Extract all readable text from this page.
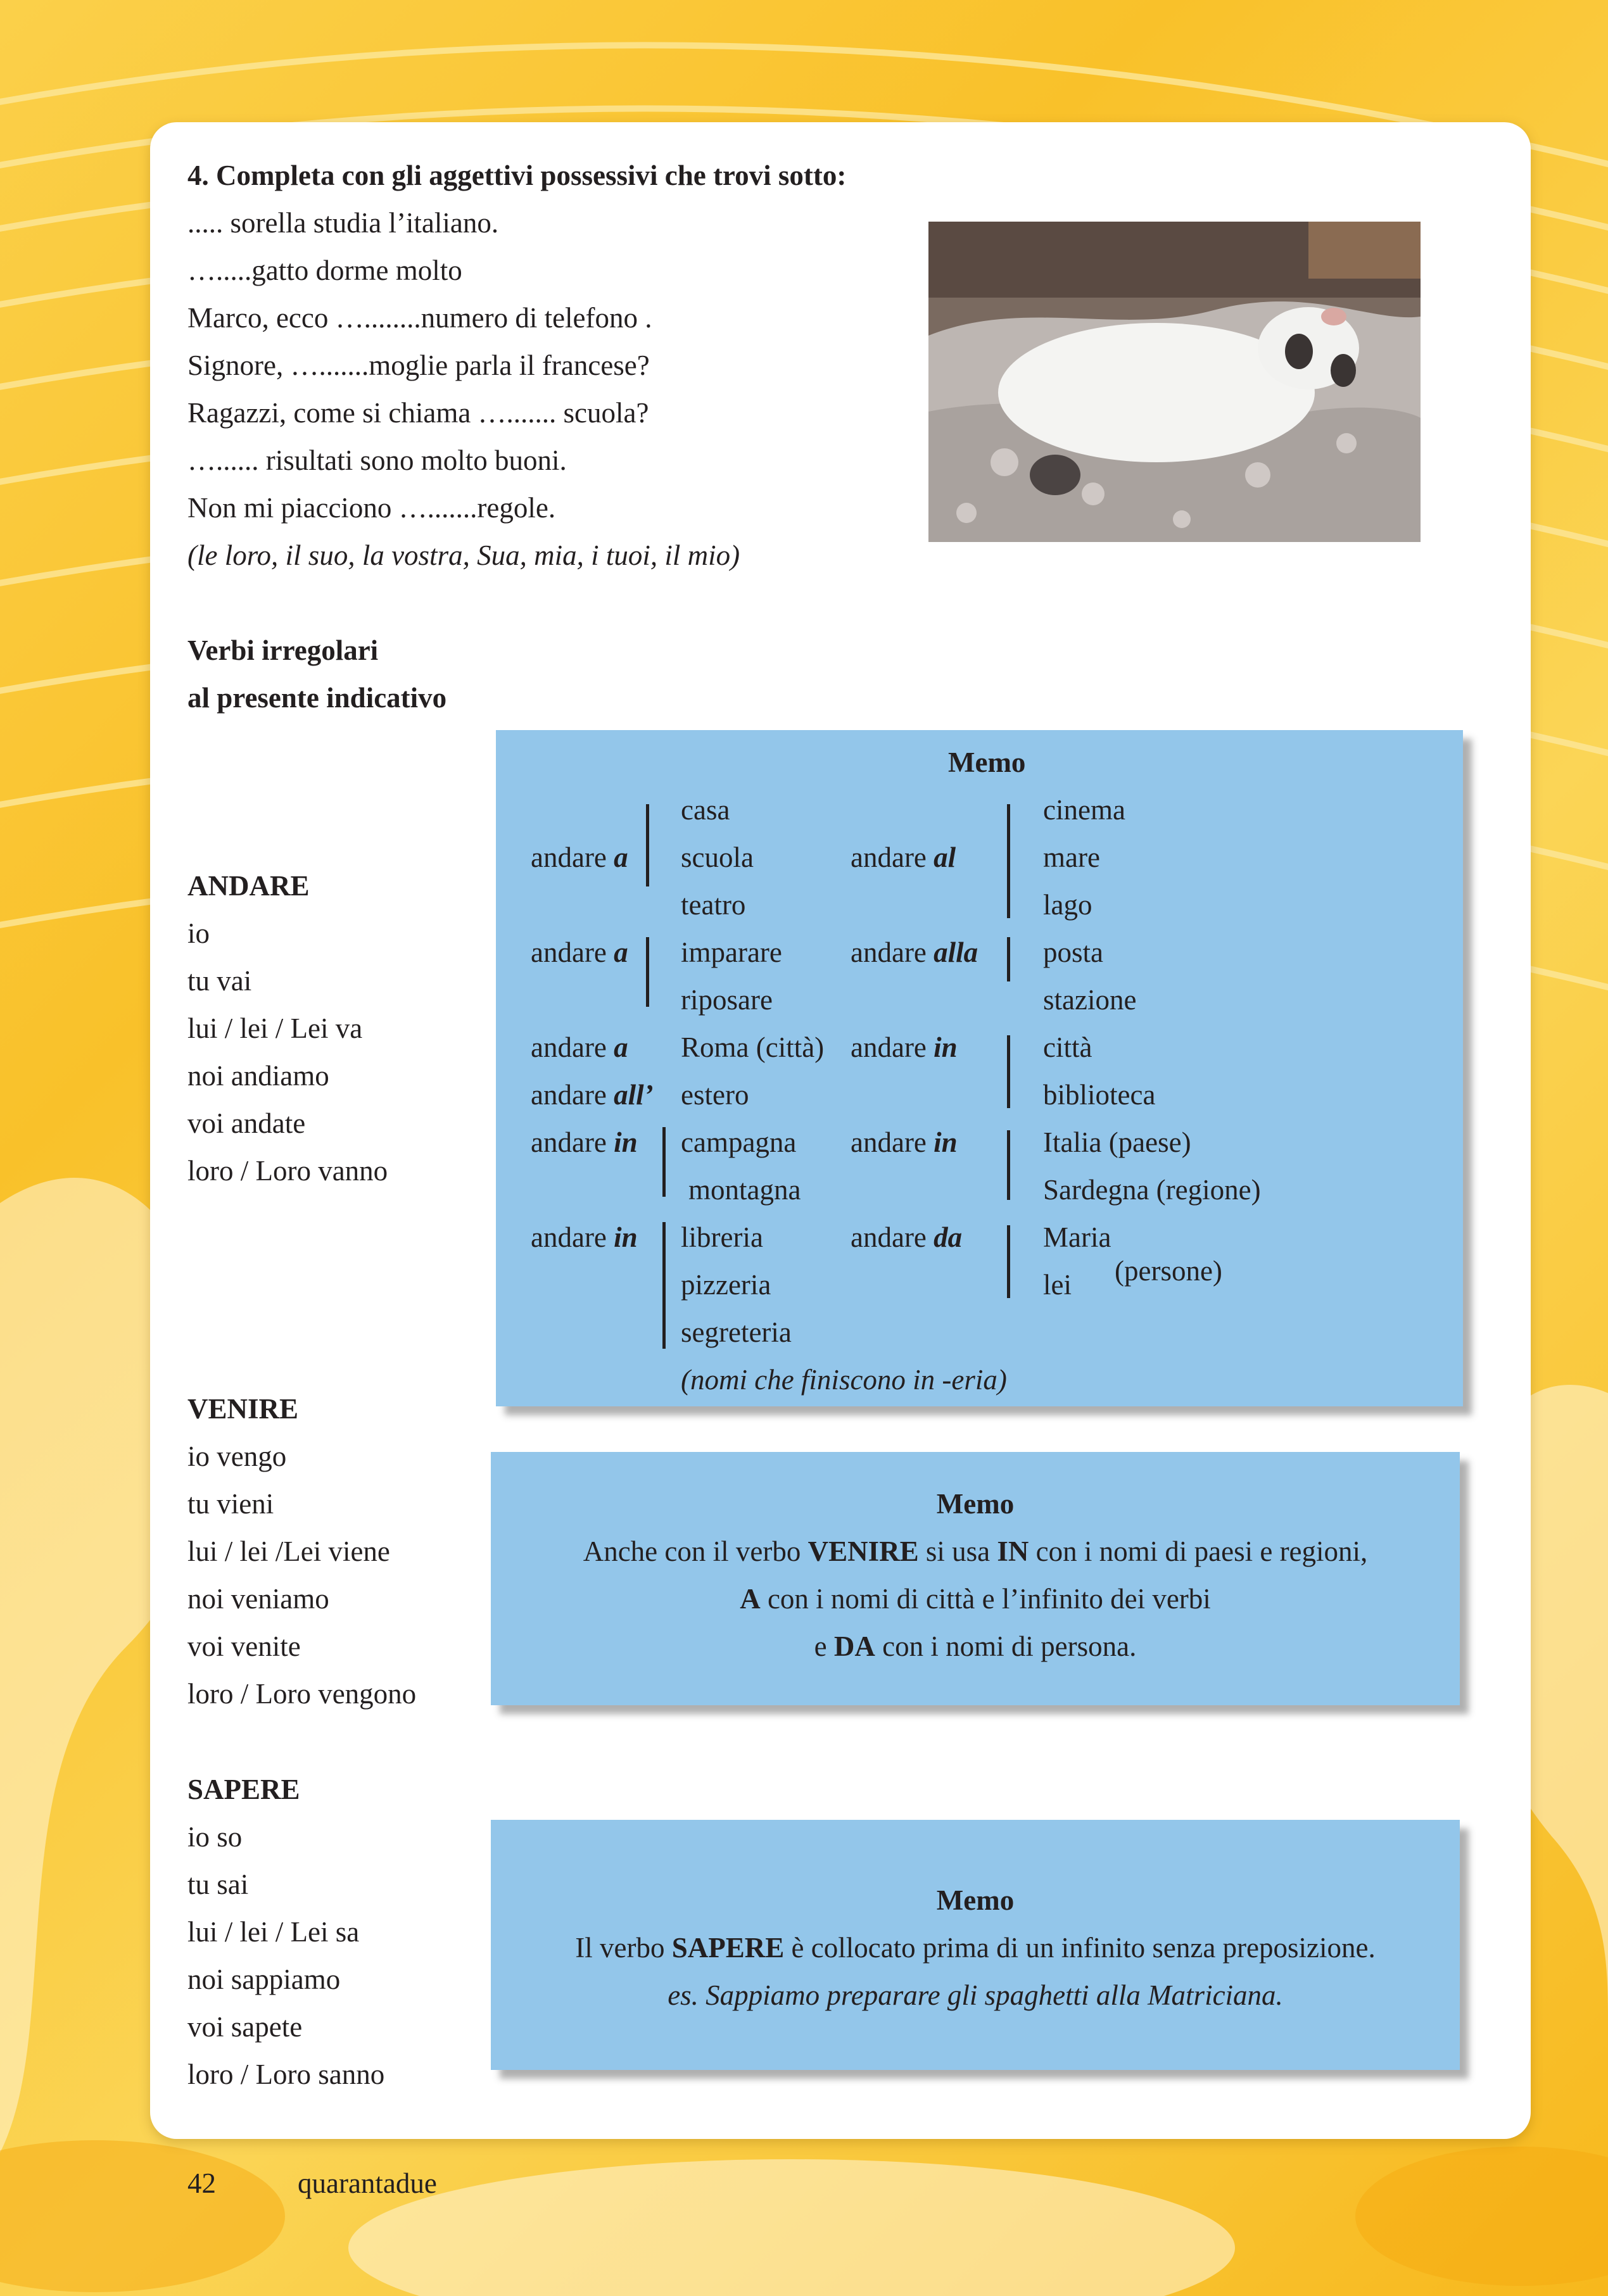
4. Completa con gli aggettivi possessivi che trovi sotto:
..... sorella studia l’italiano.
….....gatto dorme molto
Marco, ecco …........numero di telefono .
Signore, ….......moglie parla il francese?
Ragazzi, come si chiama …....... scuola?
…...... risultati sono molto buoni.
Non mi piacciono ….......regole.
(le loro, il suo, la vostra, Sua, mia, i tuoi, il mio)
Verbi irregolari
al presente indicativo
Memo
andare a
andare a
andare a
andare all’
andare in
andare in
casa
scuola
teatro
imparare
riposare
Roma (città)
estero
campagna
montagna
libreria
pizzeria
segreteria
andare al
andare alla
andare in
andare in
andare da
cinema
mare
lago
posta
stazione
città
biblioteca
Italia (paese)
Sardegna (regione)
Maria
lei (persone)
(nomi che finiscono in -eria)
ANDARE
io
tu vai
lui / lei / Lei va
noi andiamo
voi andate
loro / Loro vanno
Memo
Anche con il verbo VENIRE si usa IN con i nomi di paesi e regioni,
A con i nomi di città e l’infinito dei verbi
e DA con i nomi di persona.
VENIRE
io vengo
tu vieni
lui / lei /Lei viene
noi veniamo
voi venite
loro / Loro vengono
Memo
Il verbo SAPERE è collocato prima di un infinito senza preposizione.
es. Sappiamo preparare gli spaghetti alla Matriciana.
SAPERE
io so
tu sai
lui / lei / Lei sa
noi sappiamo
voi sapete
loro / Loro sanno
42	quarantadue
